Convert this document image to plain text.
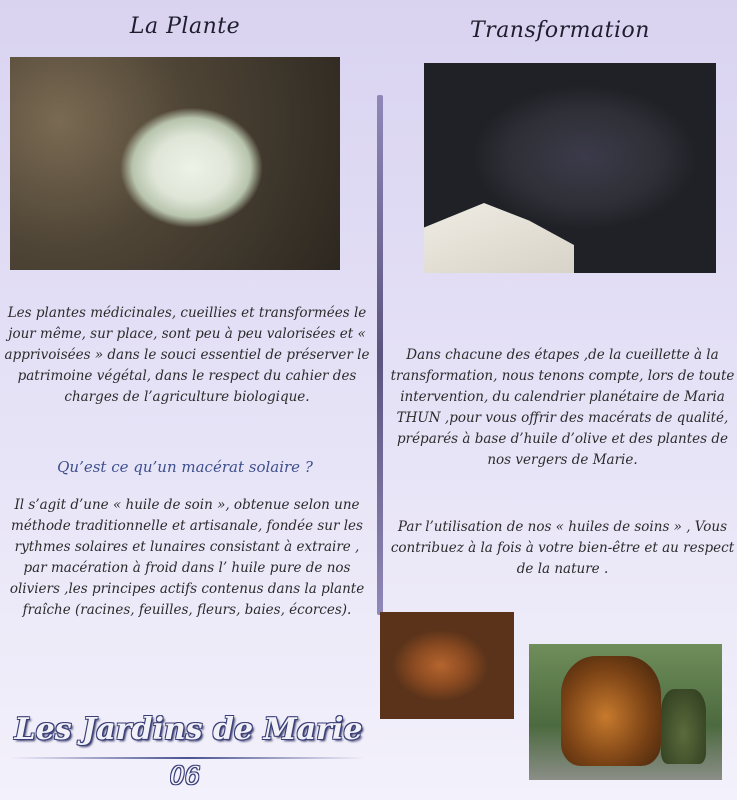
La Plante	Transformation
Les plantes médicinales, cueillies et transformées le jour même, sur place, sont peu à peu valorisées et « apprivoisées » dans le souci essentiel de préserver le patrimoine végétal, dans le respect du cahier des charges de l’agriculture biologique.
Qu’est ce qu’un macérat solaire ?
Il s’agit d’une « huile de soin », obtenue selon une méthode traditionnelle et artisanale, fondée sur les rythmes solaires et lunaires consistant à extraire , par macération à froid dans l’ huile pure de nos oliviers ,les principes actifs contenus dans la plante fraîche (racines, feuilles, fleurs, baies, écorces).
Dans chacune des étapes ,de la cueillette à la transformation, nous tenons compte, lors de toute intervention, du calendrier planétaire de Maria THUN ,pour vous offrir des macérats de qualité, préparés à base d’huile d’olive et des plantes de nos vergers de Marie.
Par l’utilisation de nos « huiles de soins » , Vous contribuez à la fois à votre bien-être et au respect de la nature .
Les Jardins de Marie
06
